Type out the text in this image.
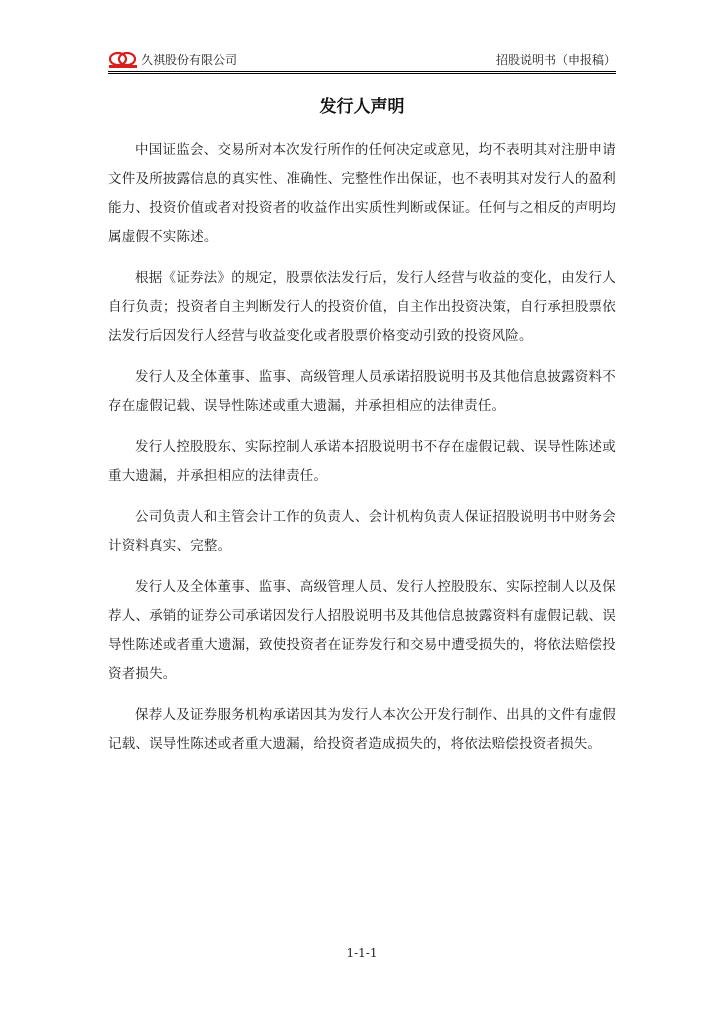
久祺股份有限公司	招股说明书（申报稿）
发行人声明

中国证监会、交易所对本次发行所作的任何决定或意见，均不表明其对注册申请文件及所披露信息的真实性、准确性、完整性作出保证，也不表明其对发行人的盈利能力、投资价值或者对投资者的收益作出实质性判断或保证。任何与之相反的声明均属虚假不实陈述。

根据《证券法》的规定，股票依法发行后，发行人经营与收益的变化，由发行人自行负责；投资者自主判断发行人的投资价值，自主作出投资决策，自行承担股票依法发行后因发行人经营与收益变化或者股票价格变动引致的投资风险。

发行人及全体董事、监事、高级管理人员承诺招股说明书及其他信息披露资料不存在虚假记载、误导性陈述或重大遗漏，并承担相应的法律责任。

发行人控股股东、实际控制人承诺本招股说明书不存在虚假记载、误导性陈述或重大遗漏，并承担相应的法律责任。

公司负责人和主管会计工作的负责人、会计机构负责人保证招股说明书中财务会计资料真实、完整。

发行人及全体董事、监事、高级管理人员、发行人控股股东、实际控制人以及保荐人、承销的证券公司承诺因发行人招股说明书及其他信息披露资料有虚假记载、误导性陈述或者重大遗漏，致使投资者在证券发行和交易中遭受损失的，将依法赔偿投资者损失。

保荐人及证券服务机构承诺因其为发行人本次公开发行制作、出具的文件有虚假记载、误导性陈述或者重大遗漏，给投资者造成损失的，将依法赔偿投资者损失。

1-1-1
